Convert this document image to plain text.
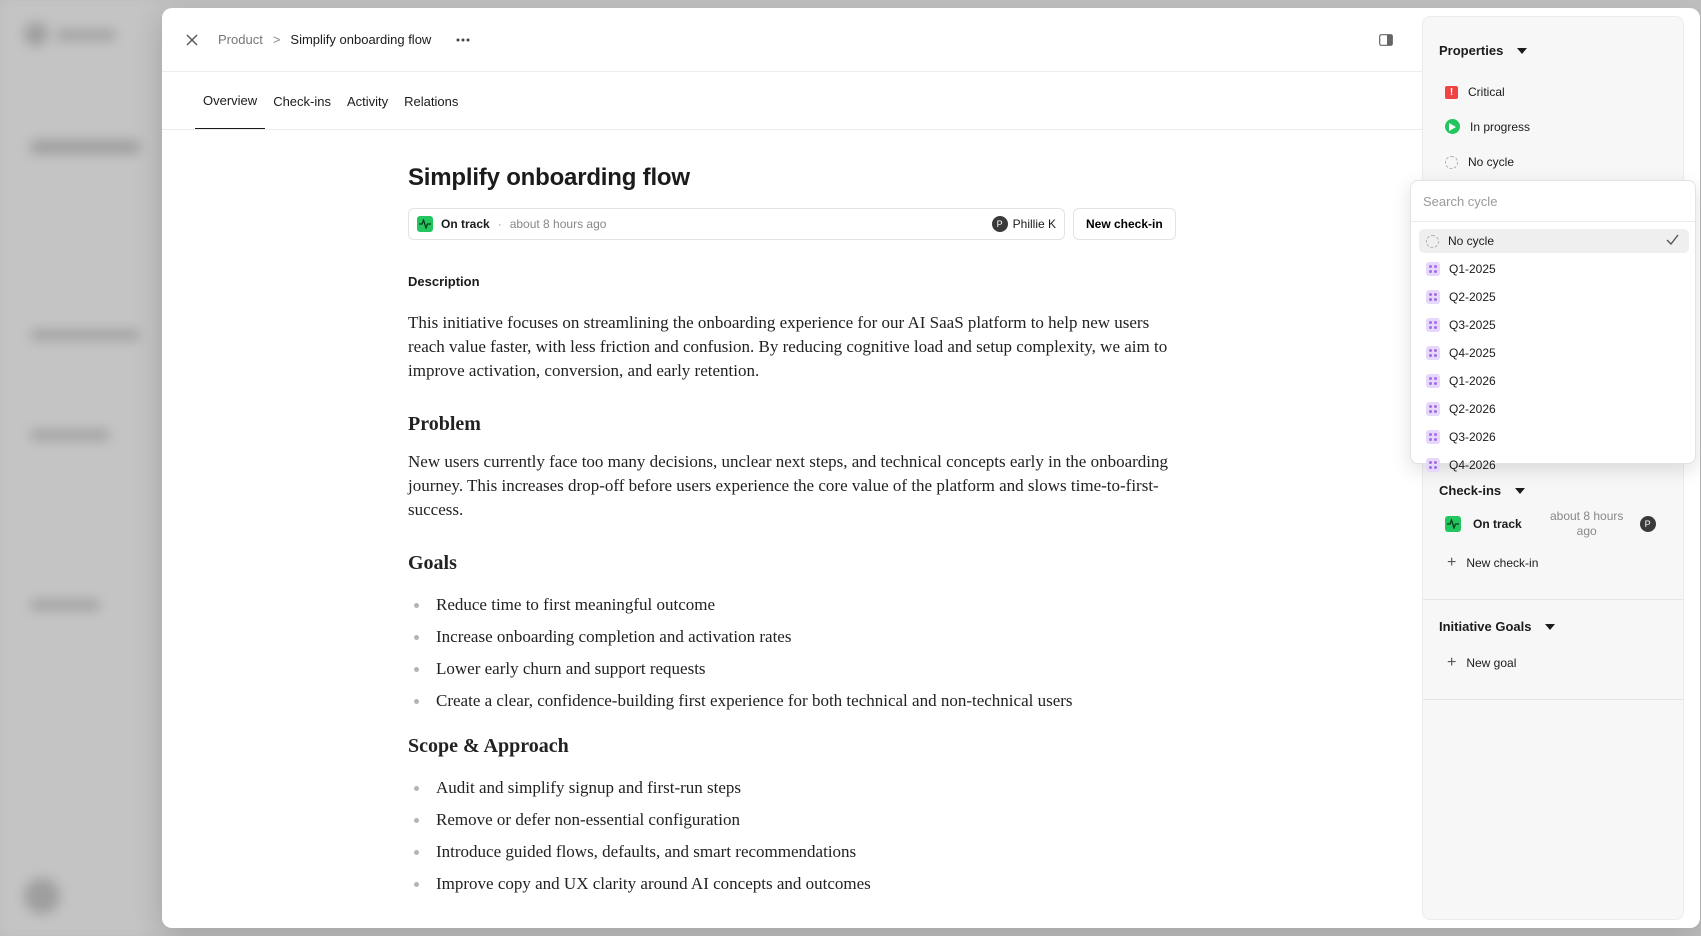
Product > Simplify onboarding flow
Overview	Check-ins	Activity	Relations
Simplify onboarding flow
On track · about 8 hours ago	P Phillie K	New check-in
Description

This initiative focuses on streamlining the onboarding experience for our AI SaaS platform to help new users reach value faster, with less friction and confusion. By reducing cognitive load and setup complexity, we aim to improve activation, conversion, and early retention.

Problem

New users currently face too many decisions, unclear next steps, and technical concepts early in the onboarding journey. This increases drop-off before users experience the core value of the platform and slows time-to-first-success.

Goals
Reduce time to first meaningful outcome
Increase onboarding completion and activation rates
Lower early churn and support requests
Create a clear, confidence-building first experience for both technical and non-technical users
Scope & Approach
Audit and simplify signup and first-run steps
Remove or defer non-essential configuration
Introduce guided flows, defaults, and smart recommendations
Improve copy and UX clarity around AI concepts and outcomes
Properties
!	Critical
In progress
No cycle
Check-ins
On track
about 8 hours ago	P
+ New check-in
Initiative Goals
+ New goal
Search cycle
No cycle
Q1-2025
Q2-2025
Q3-2025
Q4-2025
Q1-2026
Q2-2026
Q3-2026
Q4-2026
